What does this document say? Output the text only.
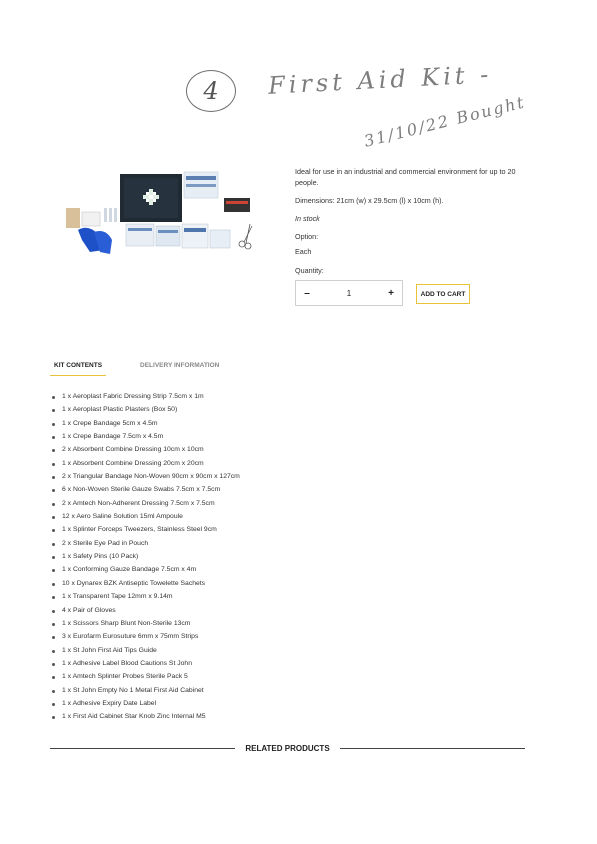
4 First Aid Kit -
31/10/22 Bought

Ideal for use in an industrial and commercial environment for up to 20 people.

Dimensions: 21cm (w) x 29.5cm (l) x 10cm (h).

In stock

Option:
Each
Quantity:
–	1	+	ADD TO CART
KIT CONTENTS	DELIVERY INFORMATION
1 x Aeroplast Fabric Dressing Strip 7.5cm x 1m
1 x Aeroplast Plastic Plasters (Box 50)
1 x Crepe Bandage 5cm x 4.5m
1 x Crepe Bandage 7.5cm x 4.5m
2 x Absorbent Combine Dressing 10cm x 10cm
1 x Absorbent Combine Dressing 20cm x 20cm
2 x Triangular Bandage Non-Woven 90cm x 90cm x 127cm
6 x Non-Woven Sterile Gauze Swabs 7.5cm x 7.5cm
2 x Amtech Non-Adherent Dressing 7.5cm x 7.5cm
12 x Aero Saline Solution 15ml Ampoule
1 x Splinter Forceps Tweezers, Stainless Steel 9cm
2 x Sterile Eye Pad in Pouch
1 x Safety Pins (10 Pack)
1 x Conforming Gauze Bandage 7.5cm x 4m
10 x Dynarex BZK Antiseptic Towelette Sachets
1 x Transparent Tape 12mm x 9.14m
4 x Pair of Gloves
1 x Scissors Sharp Blunt Non-Sterile 13cm
3 x Eurofarm Eurosuture 6mm x 75mm Strips
1 x St John First Aid Tips Guide
1 x Adhesive Label Blood Cautions St John
1 x Amtech Splinter Probes Sterile Pack 5
1 x St John Empty No 1 Metal First Aid Cabinet
1 x Adhesive Expiry Date Label
1 x First Aid Cabinet Star Knob Zinc Internal M5
RELATED PRODUCTS
